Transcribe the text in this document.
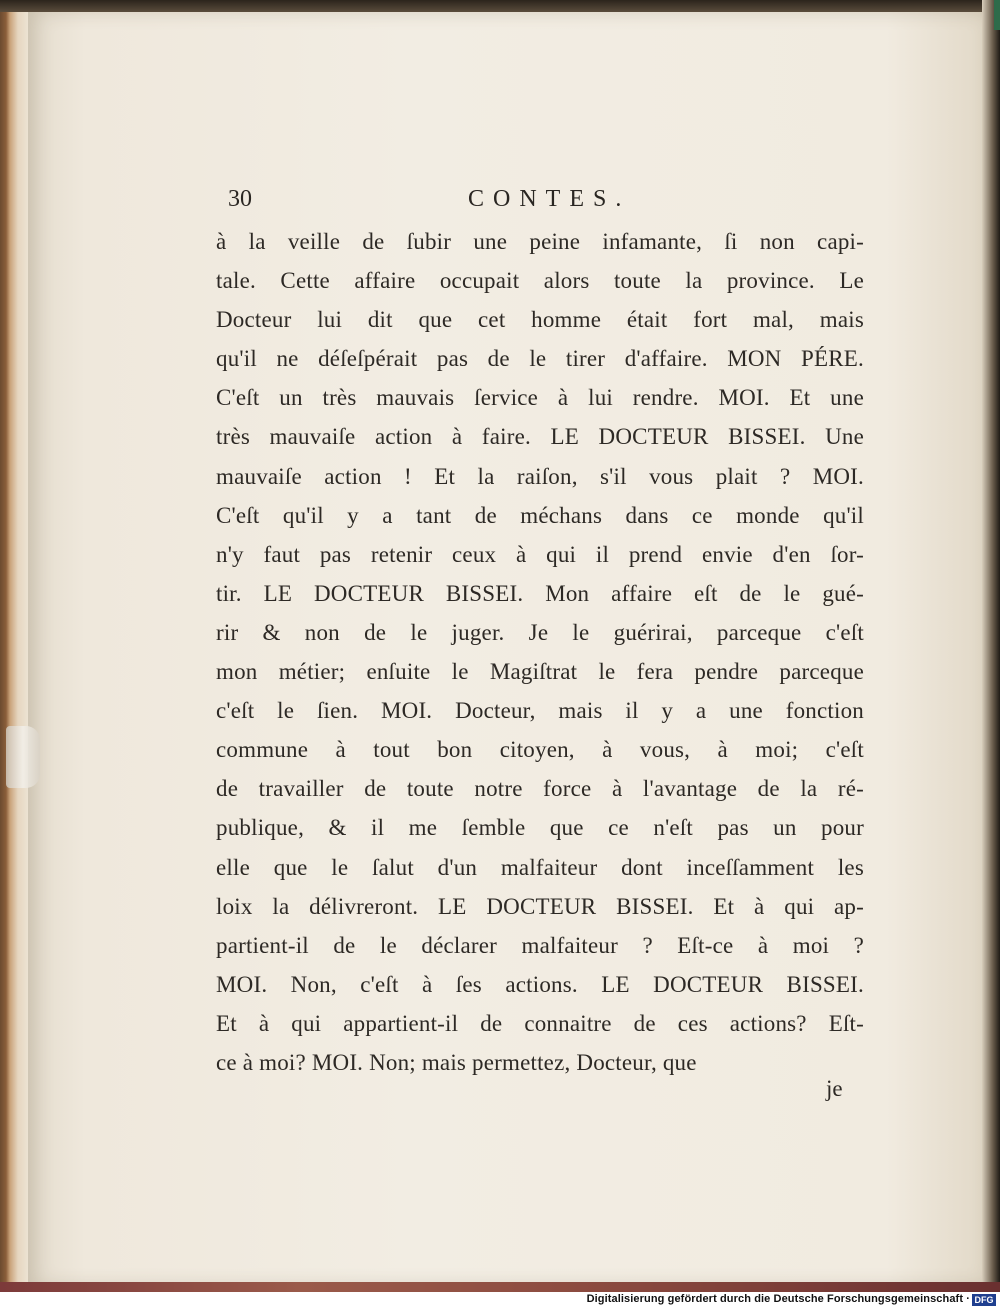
30	CONTES.
à la veille de ſubir une peine infamante, ſi non capi-
tale. Cette affaire occupait alors toute la province. Le
Docteur lui dit que cet homme était fort mal, mais
qu'il ne déſeſpérait pas de le tirer d'affaire. MON PÉRE.
C'eſt un très mauvais ſervice à lui rendre. MOI. Et une
très mauvaiſe action à faire. LE DOCTEUR BISSEI. Une
mauvaiſe action ! Et la raiſon, s'il vous plait ? MOI.
C'eſt qu'il y a tant de méchans dans ce monde qu'il
n'y faut pas retenir ceux à qui il prend envie d'en ſor-
tir. LE DOCTEUR BISSEI. Mon affaire eſt de le gué-
rir & non de le juger. Je le guérirai, parceque c'eſt
mon métier; enſuite le Magiſtrat le fera pendre parceque
c'eſt le ſien. MOI. Docteur, mais il y a une fonction
commune à tout bon citoyen, à vous, à moi; c'eſt
de travailler de toute notre force à l'avantage de la ré-
publique, & il me ſemble que ce n'eſt pas un pour
elle que le ſalut d'un malfaiteur dont inceſſamment les
loix la délivreront. LE DOCTEUR BISSEI. Et à qui ap-
partient-il de le déclarer malfaiteur ? Eſt-ce à moi ?
MOI. Non, c'eſt à ſes actions. LE DOCTEUR BISSEI.
Et à qui appartient-il de connaitre de ces actions? Eſt-
ce à moi? MOI. Non; mais permettez, Docteur, que
je
Digitalisierung gefördert durch die Deutsche Forschungsgemeinschaft · DFG
